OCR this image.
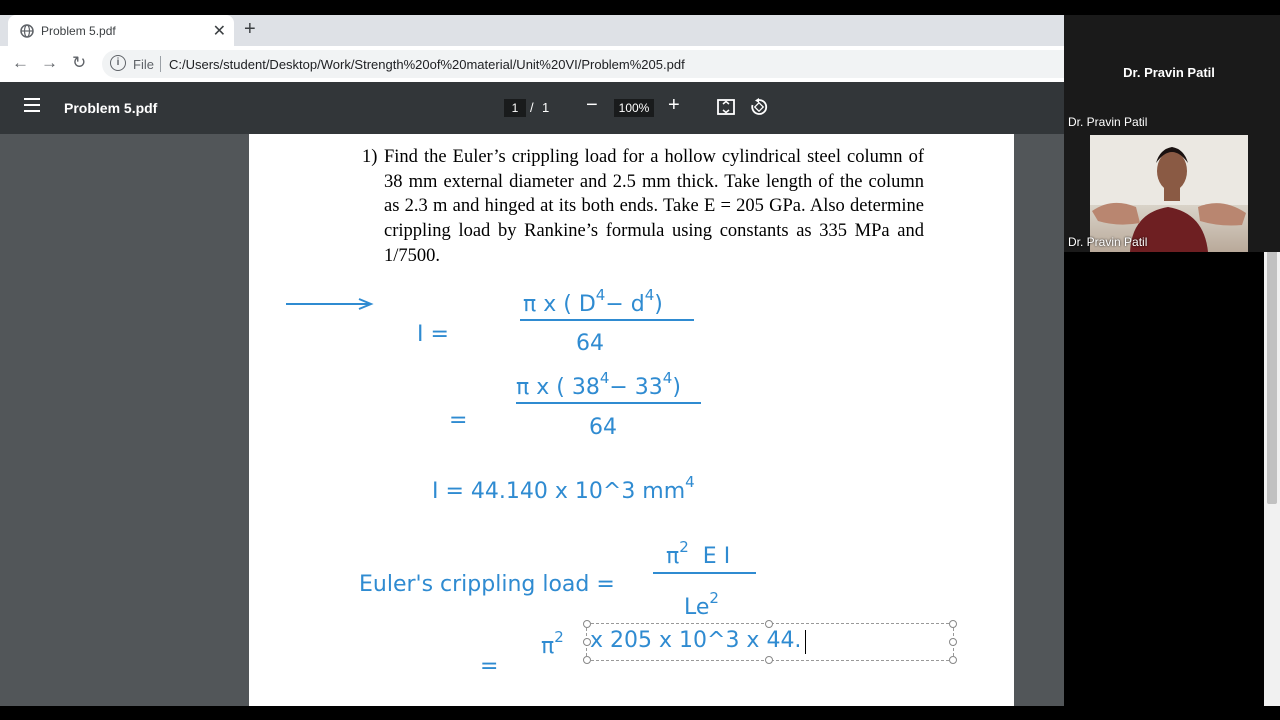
Problem 5.pdf	✕ +
← → ↻	i	File C:/Users/student/Desktop/Work/Strength%20of%20material/Unit%20VI/Problem%205.pdf
Problem 5.pdf	1 / 1 −	100% +
1) Find the Euler’s crippling load for a hollow cylindrical steel column of 38 mm external diameter and 2.5 mm thick. Take length of the column as 2.3 m and hinged at its both ends. Take E = 205 GPa. Also determine crippling load by Rankine’s formula using constants as 335 MPa and 1/7500.
I =
π x ( $D^4- d^4$)
64
=
π x ( $38^4- 33^4$)
64
I = 44.140 x 10^3 $mm^4$
Euler's crippling load =
$\pi^2$ E I
$Le^2$
=
$\pi^2$ x 205 x 10^3 x 44.
Dr. Pravin Patil
Dr. Pravin Patil
Dr. Pravin Patil
